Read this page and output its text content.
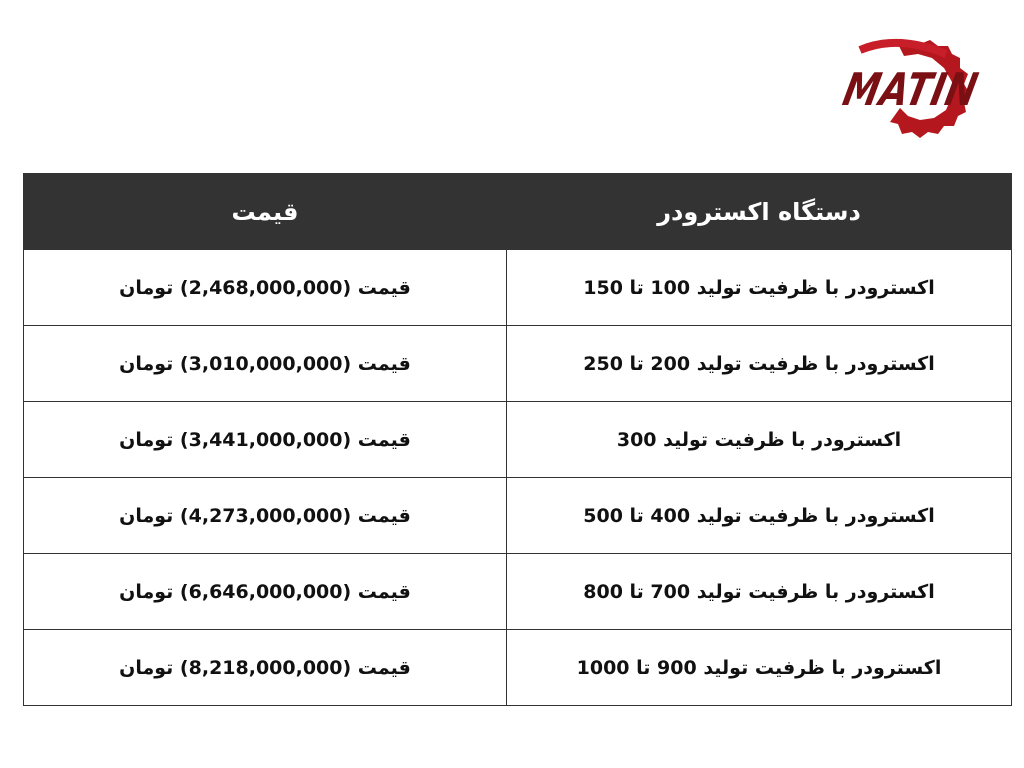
MATIN
دستگاه اکسترودر	قیمت
اکسترودر با ظرفیت تولید 100 تا 150	قیمت (2,468,000,000) تومان
اکسترودر با ظرفیت تولید 200 تا 250	قیمت (3,010,000,000) تومان
اکسترودر با ظرفیت تولید 300	قیمت (3,441,000,000) تومان
اکسترودر با ظرفیت تولید 400 تا 500	قیمت (4,273,000,000) تومان
اکسترودر با ظرفیت تولید 700 تا 800	قیمت (6,646,000,000) تومان
اکسترودر با ظرفیت تولید 900 تا 1000	قیمت (8,218,000,000) تومان
